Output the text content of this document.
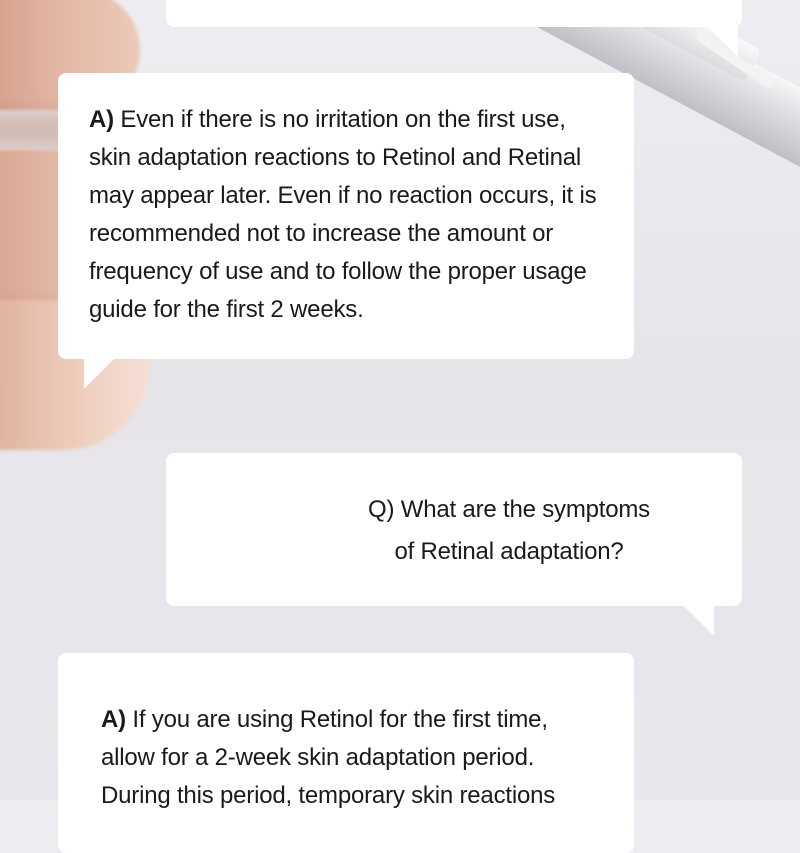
A) Even if there is no irritation on the first use, skin adaptation reactions to Retinol and Retinal may appear later. Even if no reaction occurs, it is recommended not to increase the amount or frequency of use and to follow the proper usage guide for the first 2 weeks.
Q) What are the symptoms
of Retinal adaptation?
A) If you are using Retinol for the first time, allow for a 2-week skin adaptation period. During this period, temporary skin reactions
